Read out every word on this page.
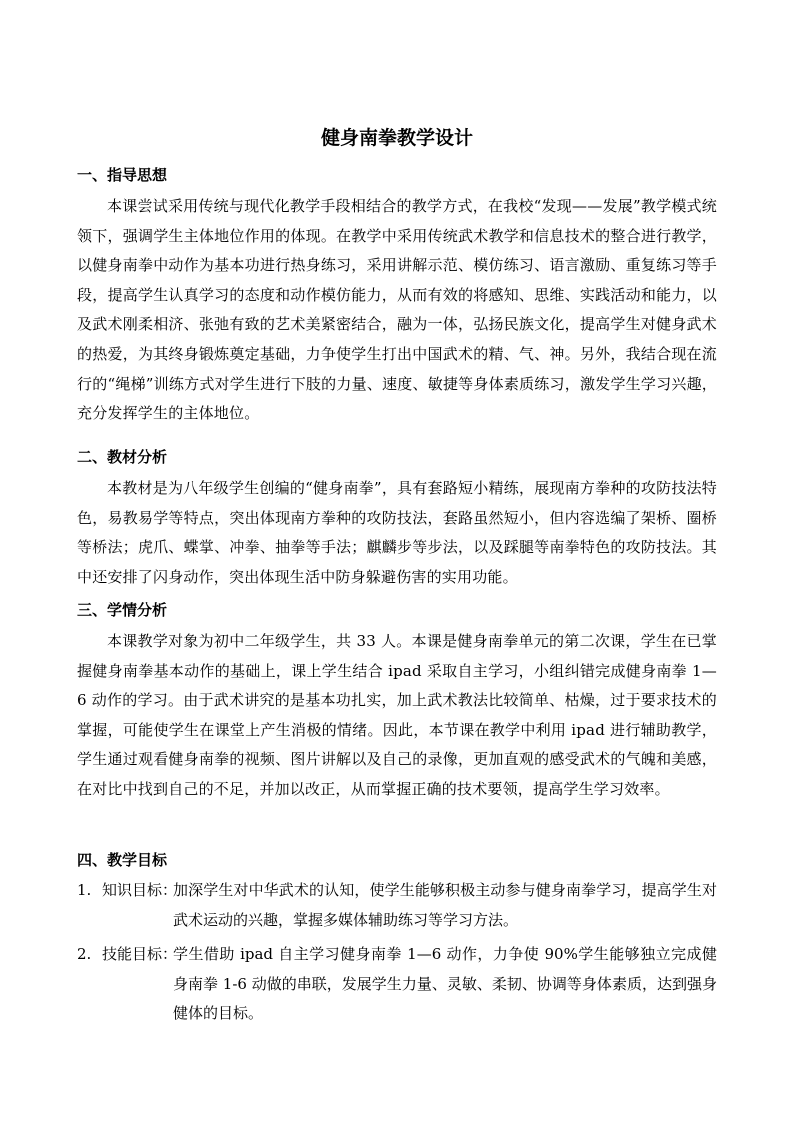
健身南拳教学设计
一、指导思想
本课尝试采用传统与现代化教学手段相结合的教学方式，在我校“发现——发展”教学模式统领下，强调学生主体地位作用的体现。在教学中采用传统武术教学和信息技术的整合进行教学，以健身南拳中动作为基本功进行热身练习，采用讲解示范、模仿练习、语言激励、重复练习等手段，提高学生认真学习的态度和动作模仿能力，从而有效的将感知、思维、实践活动和能力，以及武术刚柔相济、张弛有致的艺术美紧密结合，融为一体，弘扬民族文化，提高学生对健身武术的热爱，为其终身锻炼奠定基础，力争使学生打出中国武术的精、气、神。另外，我结合现在流行的“绳梯”训练方式对学生进行下肢的力量、速度、敏捷等身体素质练习，激发学生学习兴趣，充分发挥学生的主体地位。
二、教材分析
本教材是为八年级学生创编的“健身南拳”，具有套路短小精练，展现南方拳种的攻防技法特色，易教易学等特点，突出体现南方拳种的攻防技法，套路虽然短小，但内容选编了架桥、圈桥等桥法；虎爪、蝶掌、冲拳、抽拳等手法；麒麟步等步法，以及踩腿等南拳特色的攻防技法。其中还安排了闪身动作，突出体现生活中防身躲避伤害的实用功能。
三、学情分析
本课教学对象为初中二年级学生，共 33 人。本课是健身南拳单元的第二次课，学生在已掌握健身南拳基本动作的基础上，课上学生结合 ipad 采取自主学习，小组纠错完成健身南拳 1—6 动作的学习。由于武术讲究的是基本功扎实，加上武术教法比较简单、枯燥，过于要求技术的掌握，可能使学生在课堂上产生消极的情绪。因此，本节课在教学中利用 ipad 进行辅助教学，学生通过观看健身南拳的视频、图片讲解以及自己的录像，更加直观的感受武术的气魄和美感，在对比中找到自己的不足，并加以改正，从而掌握正确的技术要领，提高学生学习效率。
四、教学目标
1. 知识目标：
加深学生对中华武术的认知，使学生能够积极主动参与健身南拳学习，提高学生对武术运动的兴趣，掌握多媒体辅助练习等学习方法。
2. 技能目标：
学生借助 ipad 自主学习健身南拳 1—6 动作，力争使 90%学生能够独立完成健身南拳 1-6 动做的串联，发展学生力量、灵敏、柔韧、协调等身体素质，达到强身健体的目标。
